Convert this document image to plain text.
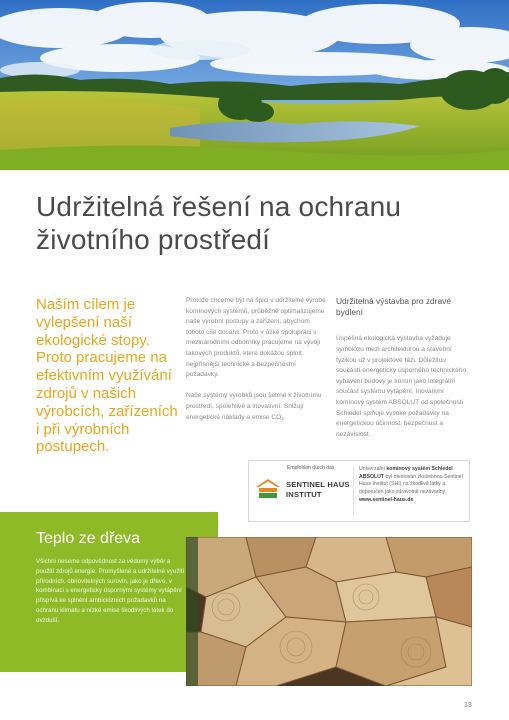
Udržitelná řešení na ochranu životního prostředí
Naším cílem je vylepšení naší ekologické stopy. Proto pracujeme na efektivním využívání zdrojů v našich výrobcích, zařízeních i při výrobních postupech.

Protože chceme být na špici v udržitelné výrobě komínových systémů, průběžně optimalizujeme naše výrobní postupy a zařízení, abychom tohoto cíle dosáhli. Proto v úzké spolupráci s mezinárodními odborníky pracujeme na vývoji takových produktů, které dokážou splnit nejpřísnější technické a bezpečnostní požadavky.

Naše systémy výrobků jsou šetrné k životnímu prostředí, spolehlivé a inovativní. Snižují energetické náklady a emise $CO_2$.

Udržitelná výstavba pro zdravé bydlení
Úspěšná ekologická výstavba vyžaduje symbiózu mezi architekturou a stavební fyzikou už v projektové fázi. Důležitou součástí energeticky úsporného technického vybavení budovy je komín jako integrální součást systému vytápění. Inovativní komínový systém ABSOLUT od společnosti Schiedel splňuje vysoké požadavky na energetickou účinnost, bezpečnost a nezávislost.
Empfohlen durch das
SENTINEL HAUS
INSTITUT
Univerzální komínový systém Schiedel ABSOLUT byl otestován zkušebnou Sentinel Haus Institut (SHI) na škodlivé látky a doporučen jako zdravotně nezávadný.
www.sentinel-haus.de
Teplo ze dřeva
Všichni neseme odpovědnost za vědomý výběr a použití zdrojů energie. Promyšlené a udržitelné využití přírodních, obnovitelných surovin, jako je dřevo, v kombinaci s energeticky úspornými systémy vytápění přispívá ke splnění ambiciózních požadavků na ochranu klimatu a nízké emise škodlivých látek do ovzduší.
13
